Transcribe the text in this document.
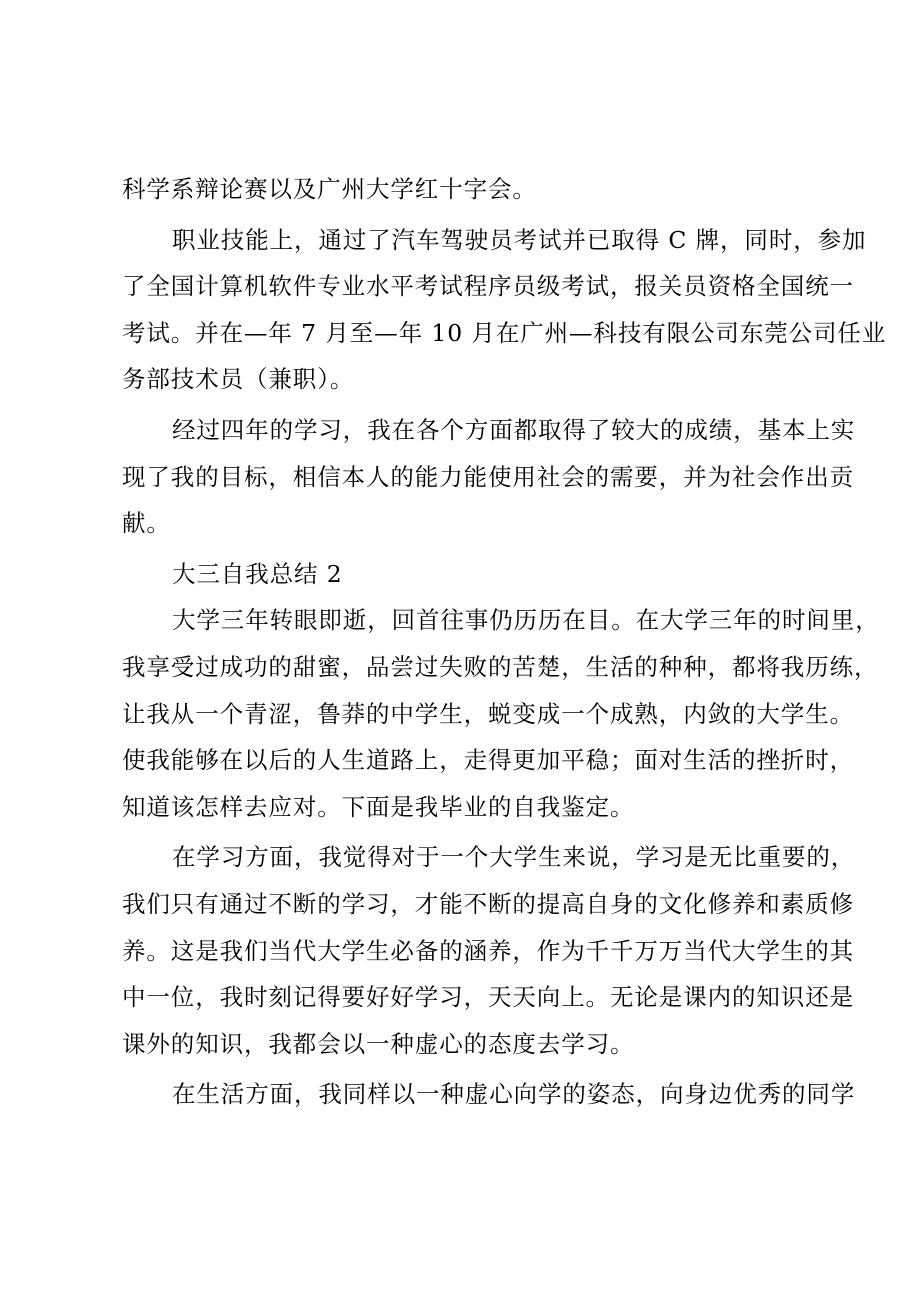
科学系辩论赛以及广州大学红十字会。
职业技能上，通过了汽车驾驶员考试并已取得 C 牌，同时，参加
了全国计算机软件专业水平考试程序员级考试，报关员资格全国统一
考试。并在—年 7 月至—年 10 月在广州—科技有限公司东莞公司任业
务部技术员（兼职）。
经过四年的学习，我在各个方面都取得了较大的成绩，基本上实
现了我的目标，相信本人的能力能使用社会的需要，并为社会作出贡
献。
大三自我总结 2
大学三年转眼即逝，回首往事仍历历在目。在大学三年的时间里，
我享受过成功的甜蜜，品尝过失败的苦楚，生活的种种，都将我历练，
让我从一个青涩，鲁莽的中学生，蜕变成一个成熟，内敛的大学生。
使我能够在以后的人生道路上，走得更加平稳；面对生活的挫折时，
知道该怎样去应对。下面是我毕业的自我鉴定。
在学习方面，我觉得对于一个大学生来说，学习是无比重要的，
我们只有通过不断的学习，才能不断的提高自身的文化修养和素质修
养。这是我们当代大学生必备的涵养，作为千千万万当代大学生的其
中一位，我时刻记得要好好学习，天天向上。无论是课内的知识还是
课外的知识，我都会以一种虚心的态度去学习。
在生活方面，我同样以一种虚心向学的姿态，向身边优秀的同学
